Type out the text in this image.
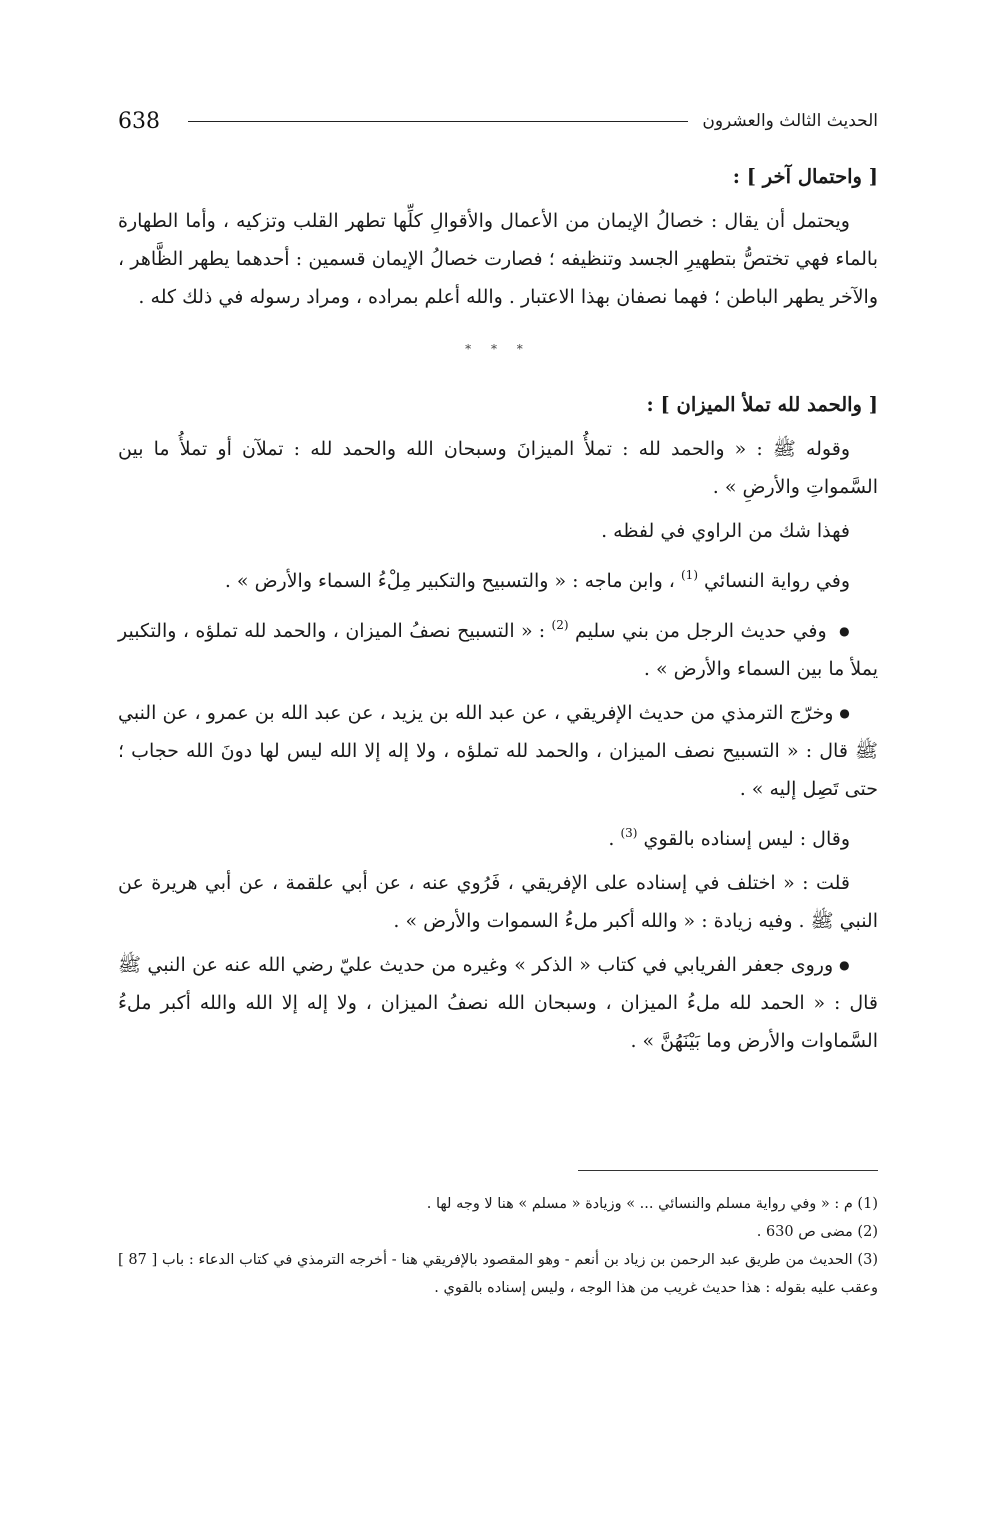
638	الحديث الثالث والعشرون

[ واحتمال آخر ] :

ويحتمل أن يقال : خصالُ الإيمان من الأعمال والأقوالِ كلِّها تطهر القلب وتزكيه ، وأما الطهارة بالماء فهي تختصُّ بتطهيرِ الجسد وتنظيفه ؛ فصارت خصالُ الإيمان قسمين : أحدهما يطهر الظَّاهر ، والآخر يطهر الباطن ؛ فهما نصفان بهذا الاعتبار . والله أعلم بمراده ، ومراد رسوله في ذلك كله .

* * *

[ والحمد لله تملأ الميزان ] :

وقوله ﷺ : « والحمد لله : تملأُ الميزانَ وسبحان الله والحمد لله : تملآن أو تملأُ ما بين السَّمواتِ والأرضِ » .

فهذا شك من الراوي في لفظه .

وفي رواية النسائي $^{(1)}$ ، وابن ماجه : « والتسبيح والتكبير مِلْءُ السماء والأرض » .

● وفي حديث الرجل من بني سليم $^{(2)}$ : « التسبيح نصفُ الميزان ، والحمد لله تملؤه ، والتكبير يملأ ما بين السماء والأرض » .

● وخرّج الترمذي من حديث الإفريقي ، عن عبد الله بن يزيد ، عن عبد الله بن عمرو ، عن النبي ﷺ قال : « التسبيح نصف الميزان ، والحمد لله تملؤه ، ولا إله إلا الله ليس لها دونَ الله حجاب ؛ حتى تَصِل إليه » .

وقال : ليس إسناده بالقوي $^{(3)}$ .

قلت : « اختلف في إسناده على الإفريقي ، فَرُوي عنه ، عن أبي علقمة ، عن أبي هريرة عن النبي ﷺ . وفيه زيادة : « والله أكبر ملءُ السموات والأرض » .

● وروى جعفر الفريابي في كتاب « الذكر » وغيره من حديث عليّ رضي الله عنه عن النبي ﷺ قال : « الحمد لله ملءُ الميزان ، وسبحان الله نصفُ الميزان ، ولا إله إلا الله والله أكبر ملءُ السَّماوات والأرض وما بَيْنَهُنَّ » .

(1) م : « وفي رواية مسلم والنسائي ... » وزيادة « مسلم » هنا لا وجه لها .

(2) مضى ص 630 .

(3) الحديث من طريق عبد الرحمن بن زياد بن أنعم - وهو المقصود بالإفريقي هنا - أخرجه الترمذي في كتاب الدعاء : باب [ 87 ] وعقب عليه بقوله : هذا حديث غريب من هذا الوجه ، وليس إسناده بالقوي .
